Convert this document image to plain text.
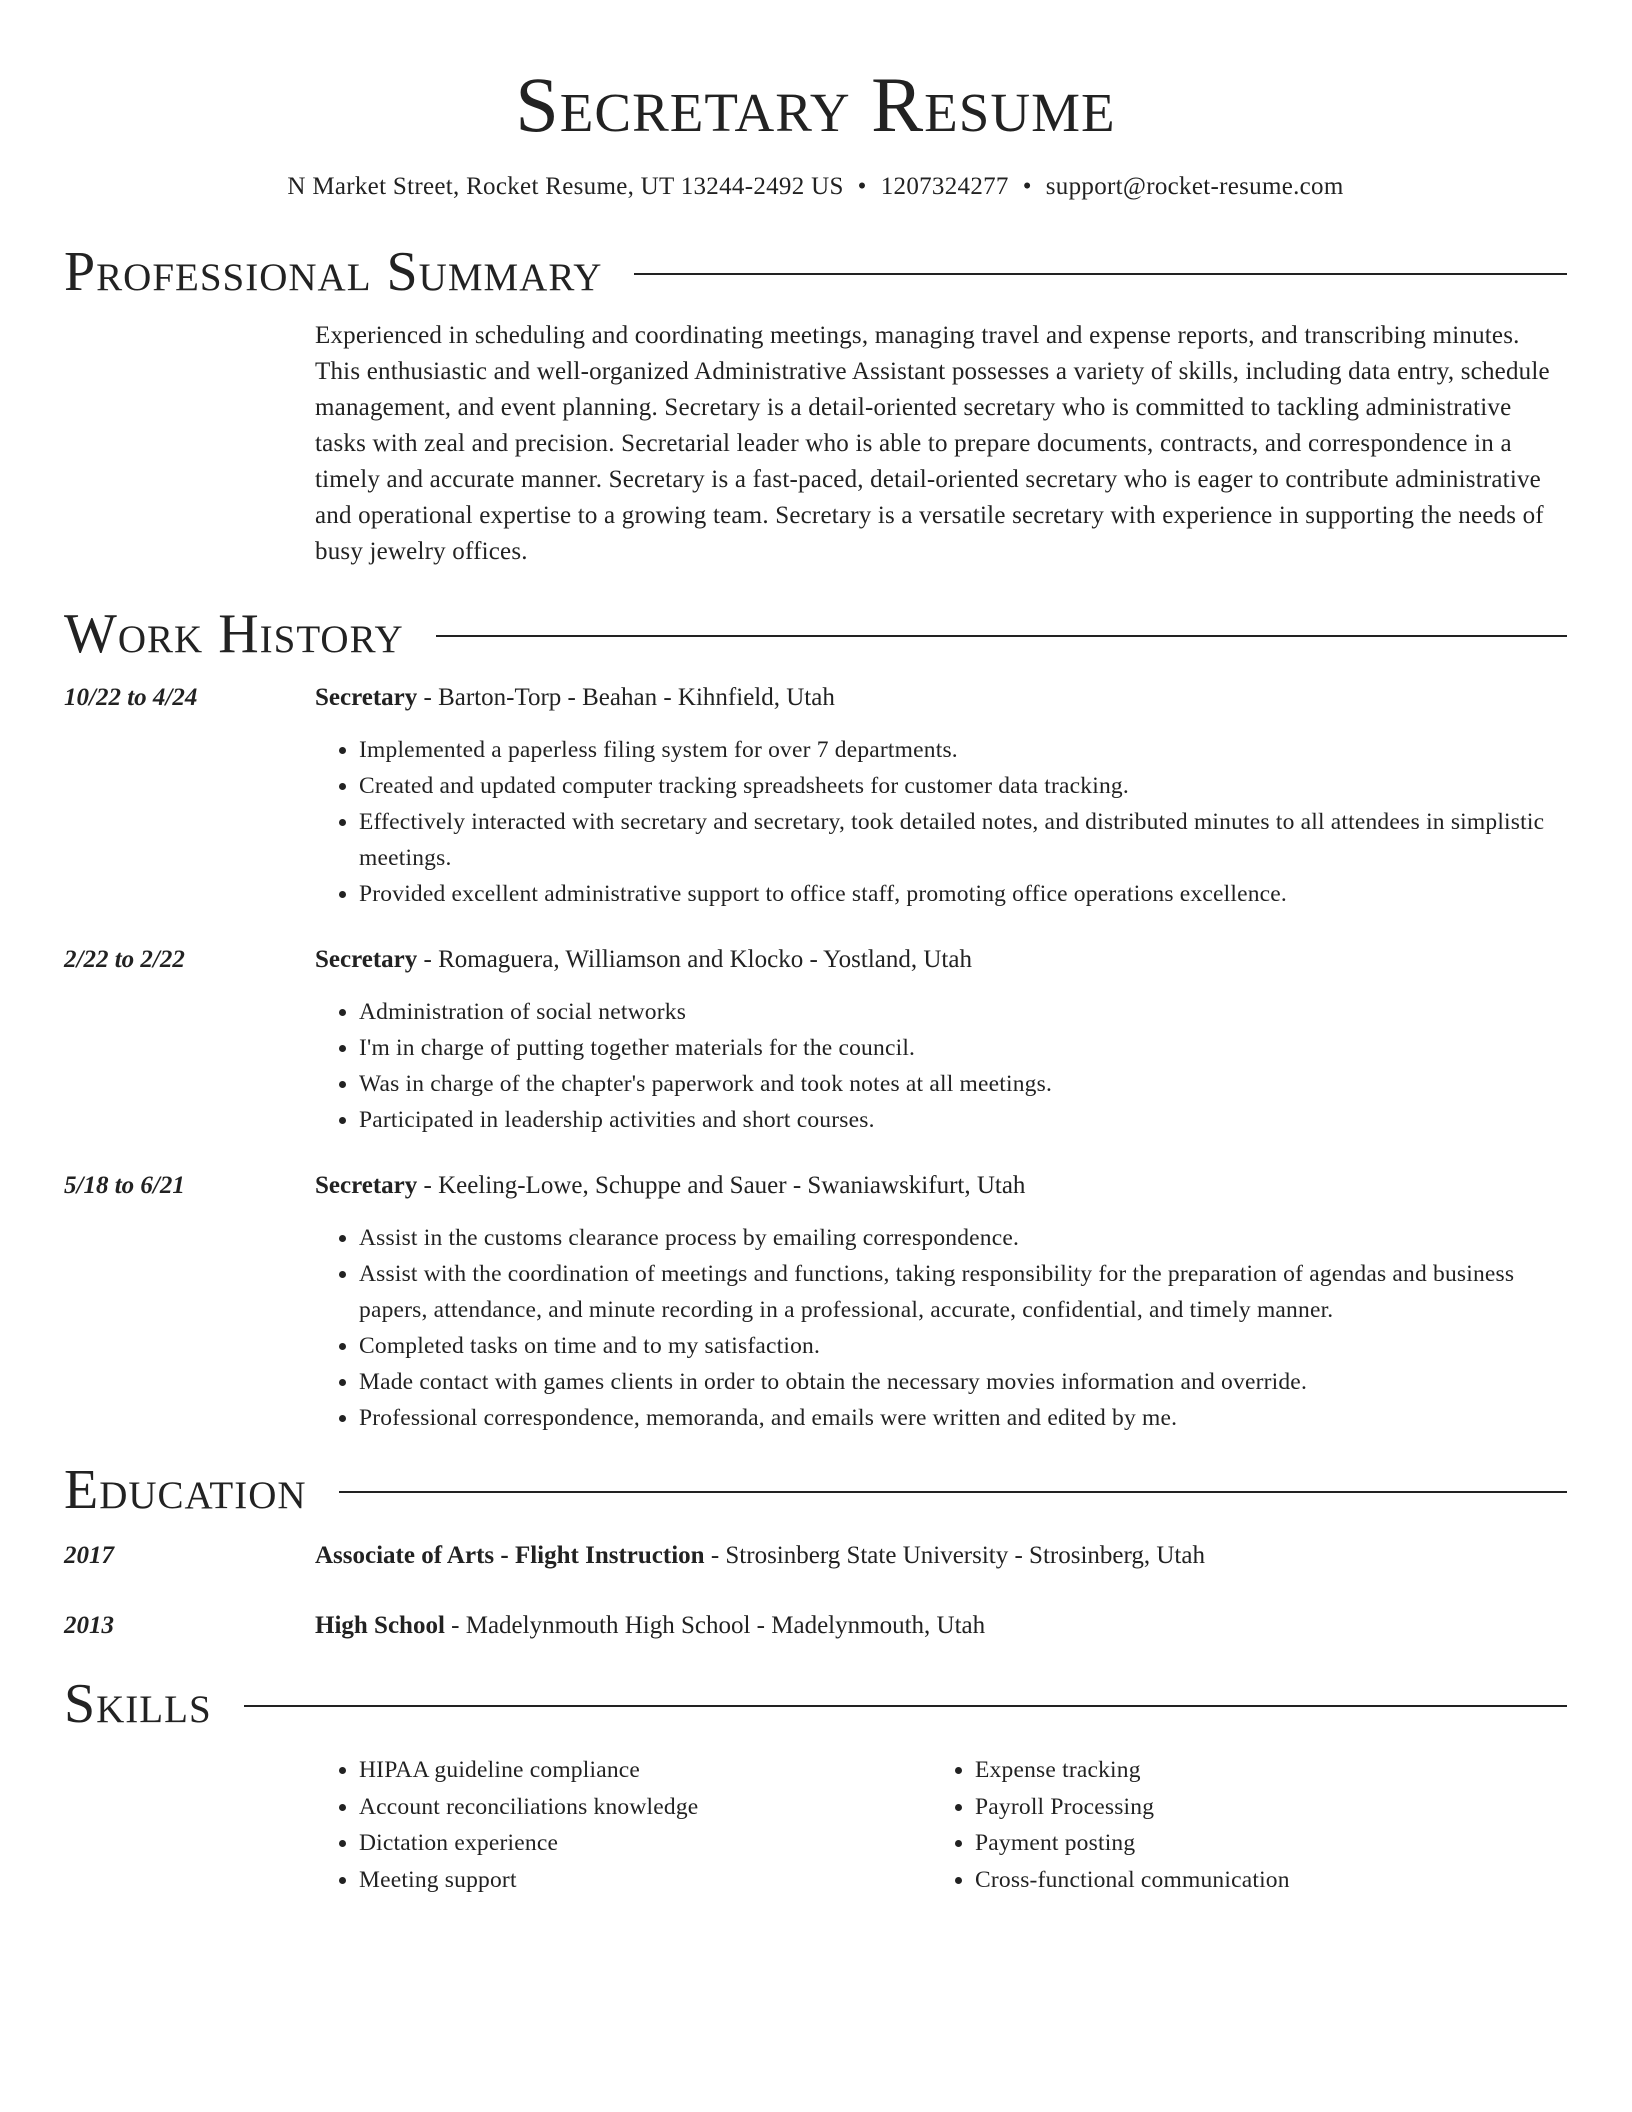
Secretary Resume
N Market Street, Rocket Resume, UT 13244-2492 US • 1207324277 • support@rocket-resume.com
Professional Summary
Experienced in scheduling and coordinating meetings, managing travel and expense reports, and transcribing minutes. This enthusiastic and well-organized Administrative Assistant possesses a variety of skills, including data entry, schedule management, and event planning. Secretary is a detail-oriented secretary who is committed to tackling administrative tasks with zeal and precision. Secretarial leader who is able to prepare documents, contracts, and correspondence in a timely and accurate manner. Secretary is a fast-paced, detail-oriented secretary who is eager to contribute administrative and operational expertise to a growing team. Secretary is a versatile secretary with experience in supporting the needs of busy jewelry offices.
Work History
10/22 to 4/24	Secretary - Barton-Torp - Beahan - Kihnfield, Utah
• Implemented a paperless filing system for over 7 departments.
• Created and updated computer tracking spreadsheets for customer data tracking.
• Effectively interacted with secretary and secretary, took detailed notes, and distributed minutes to all attendees in simplistic meetings.
• Provided excellent administrative support to office staff, promoting office operations excellence.
2/22 to 2/22	Secretary - Romaguera, Williamson and Klocko - Yostland, Utah
• Administration of social networks
• I'm in charge of putting together materials for the council.
• Was in charge of the chapter's paperwork and took notes at all meetings.
• Participated in leadership activities and short courses.
5/18 to 6/21	Secretary - Keeling-Lowe, Schuppe and Sauer - Swaniawskifurt, Utah
• Assist in the customs clearance process by emailing correspondence.
• Assist with the coordination of meetings and functions, taking responsibility for the preparation of agendas and business papers, attendance, and minute recording in a professional, accurate, confidential, and timely manner.
• Completed tasks on time and to my satisfaction.
• Made contact with games clients in order to obtain the necessary movies information and override.
• Professional correspondence, memoranda, and emails were written and edited by me.
Education
2017	Associate of Arts - Flight Instruction - Strosinberg State University - Strosinberg, Utah
2013	High School - Madelynmouth High School - Madelynmouth, Utah
Skills
• HIPAA guideline compliance
• Account reconciliations knowledge
• Dictation experience
• Meeting support
• Expense tracking
• Payroll Processing
• Payment posting
• Cross-functional communication
